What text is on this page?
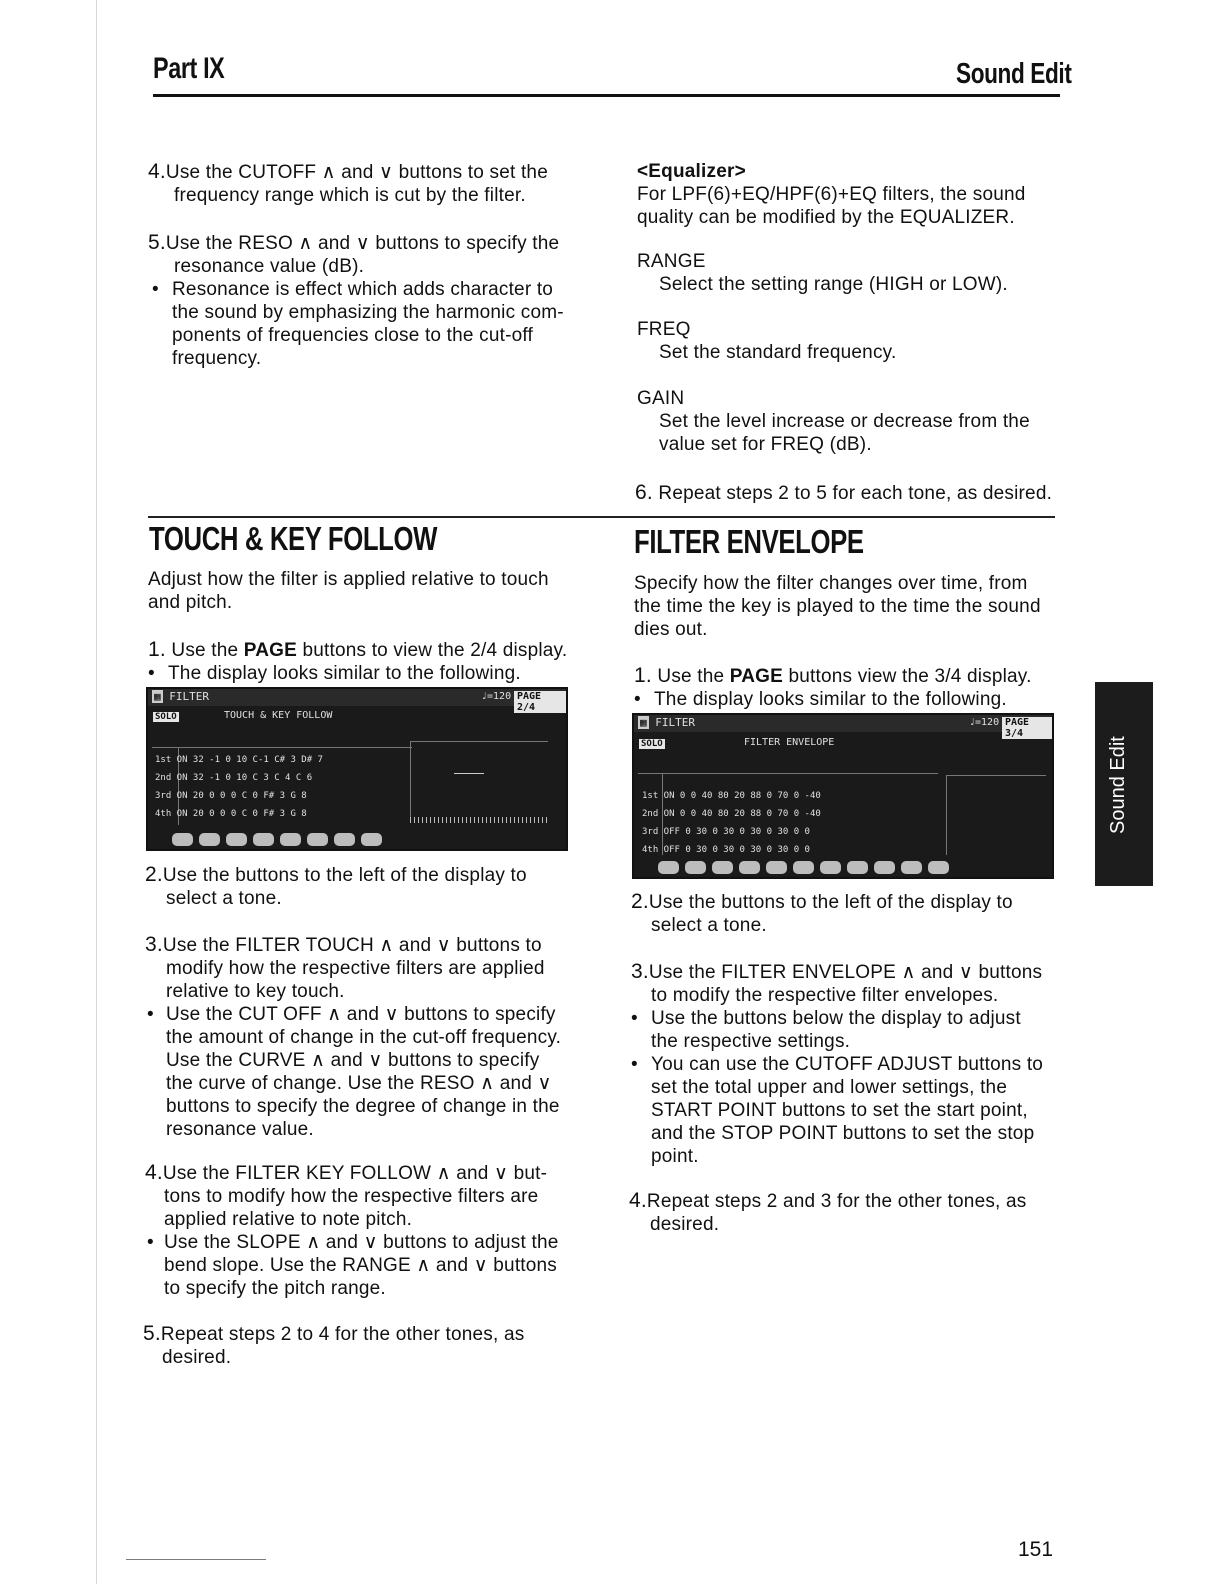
Part IX	Sound Edit
4.Use the CUTOFF ∧ and ∨ buttons to set the
frequency range which is cut by the filter.
5.Use the RESO ∧ and ∨ buttons to specify the
resonance value (dB).
• Resonance is effect which adds character to
the sound by emphasizing the harmonic com-
ponents of frequencies close to the cut-off
frequency.
<Equalizer>
For LPF(6)+EQ/HPF(6)+EQ filters, the sound
quality can be modified by the EQUALIZER.
RANGE
Select the setting range (HIGH or LOW).
FREQ
Set the standard frequency.
GAIN
Set the level increase or decrease from the
value set for FREQ (dB).
6. Repeat steps 2 to 5 for each tone, as desired.
TOUCH & KEY FOLLOW
Adjust how the filter is applied relative to touch
and pitch.
1. Use the PAGE buttons to view the 2/4 display.
• The display looks similar to the following.
▦ FILTER	♩=120 PAGE 2/4
SOLO	TOUCH & KEY FOLLOW
1st ON 32 -1 0 10 C-1 C# 3 D# 7
2nd ON 32 -1 0 10 C 3 C 4 C 6
3rd ON 20 0 0 0 C 0 F# 3 G 8
4th ON 20 0 0 0 C 0 F# 3 G 8
2.Use the buttons to the left of the display to
select a tone.
3.Use the FILTER TOUCH ∧ and ∨ buttons to
modify how the respective filters are applied
relative to key touch.
• Use the CUT OFF ∧ and ∨ buttons to specify
the amount of change in the cut-off frequency.
Use the CURVE ∧ and ∨ buttons to specify
the curve of change. Use the RESO ∧ and ∨
buttons to specify the degree of change in the
resonance value.
4.Use the FILTER KEY FOLLOW ∧ and ∨ but-
tons to modify how the respective filters are
applied relative to note pitch.
• Use the SLOPE ∧ and ∨ buttons to adjust the
bend slope. Use the RANGE ∧ and ∨ buttons
to specify the pitch range.
5.Repeat steps 2 to 4 for the other tones, as
desired.
FILTER ENVELOPE
Specify how the filter changes over time, from
the time the key is played to the time the sound
dies out.
1. Use the PAGE buttons view the 3/4 display.
• The display looks similar to the following.
▦ FILTER	♩=120 PAGE 3/4
SOLO	FILTER ENVELOPE
1st ON 0 0 40 80 20 88 0 70 0 -40
2nd ON 0 0 40 80 20 88 0 70 0 -40
3rd OFF 0 30 0 30 0 30 0 30 0 0
4th OFF 0 30 0 30 0 30 0 30 0 0
2.Use the buttons to the left of the display to
select a tone.
3.Use the FILTER ENVELOPE ∧ and ∨ buttons
to modify the respective filter envelopes.
• Use the buttons below the display to adjust
the respective settings.
• You can use the CUTOFF ADJUST buttons to
set the total upper and lower settings, the
START POINT buttons to set the start point,
and the STOP POINT buttons to set the stop
point.
4.Repeat steps 2 and 3 for the other tones, as
desired.
Sound Edit
151
